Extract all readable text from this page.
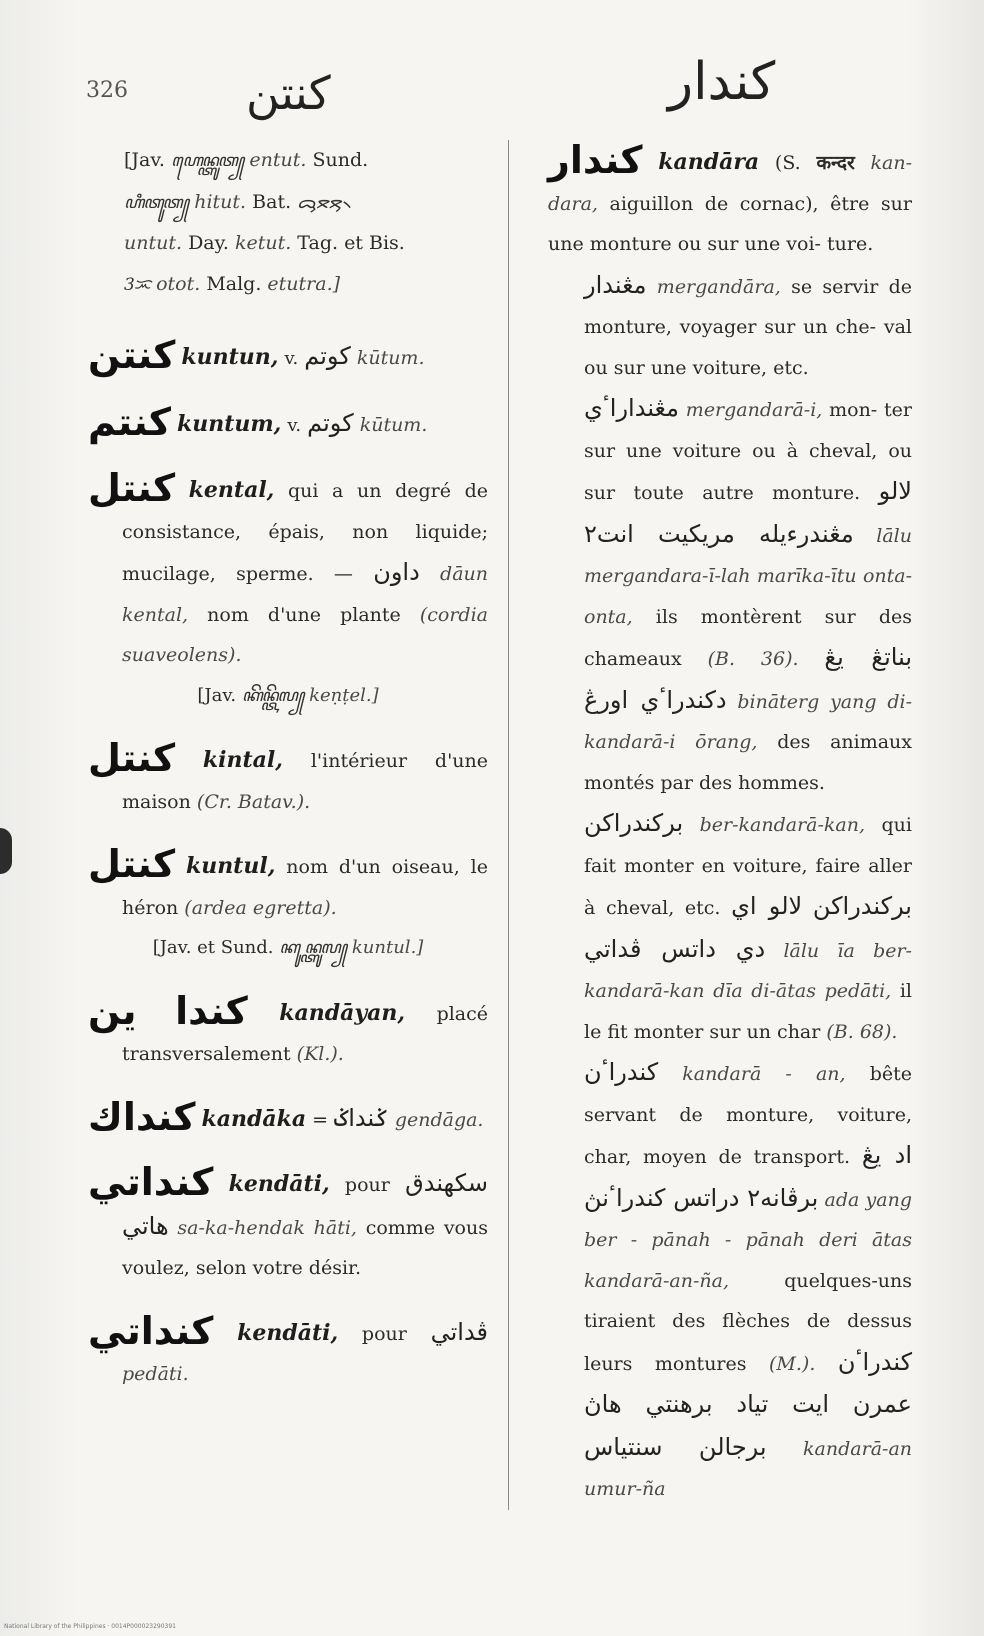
326	كنتن	كندار

[Jav. ꦲꦺꦤ꧀ꦠꦸꦠ꧀ entut. Sund.
ꦲꦶꦠꦸꦠ꧀ hitut. Bat. ᯅᯮᯖᯮᯖ᯲
untut. Day. ketut. Tag. et Bis.
3ᜁ otot. Malg. etutra.]

كنتن kuntun, v. كوتم kūtum.

كنتم kuntum, v. كوتم kūtum.

كنتل kental, qui a un degré de consistance, épais, non liquide; mucilage, sperme. — داون dāun kental, nom d'une plante (cordia suaveolens).

[Jav. ꦏꦼꦤ꧀ꦠꦼꦭ꧀ keṇṭel.]

كنتل kintal, l'intérieur d'une maison (Cr. Batav.).

كنتل kuntul, nom d'un oiseau, le héron (ardea egretta).

[Jav. et Sund. ꦏꦸꦤ꧀ꦠꦸꦭ꧀ kuntul.]

كندا ين kandāyan, placé transversalement (Kl.).

كنداك kandāka = ݢنداݢ gendāga.

كنداتي kendāti, pour سکهندق هاتي sa-ka-hendak hāti, comme vous voulez, selon votre désir.

كنداتي kendāti, pour ڤداتي pedāti.

كندار kandāra (S. कन्दर kan- dara, aiguillon de cornac), être sur une monture ou sur une voi- ture.

مڠندار mergandāra, se servir de monture, voyager sur un che- val ou sur une voiture, etc.

مڠنداراٴي mergandarā-i, mon- ter sur une voiture ou à cheval, ou sur toute autre monture. لالو مڠندرءيله مريکيت انت٢ lālu mergandara-ī-lah marīka-ītu onta-onta, ils montèrent sur des chameaux (B. 36). بناتڠ يڠ دکندراٴي اورڠ bināterg yang di- kandarā-i ōrang, des animaux montés par des hommes.

برکندراکن ber-kandarā-kan, qui fait monter en voiture, faire aller à cheval, etc. لالو اي برکندراکن دي داتس ڤداتي lālu īa ber-kandarā-kan dīa di-ātas pedāti, il le fit monter sur un char (B. 68).

کندراٴن kandarā - an, bête servant de monture, voiture, char, moyen de transport. اد يڠ برڤانه٢ دراتس کندراٴنڽ ada yang ber - pānah - pānah deri ātas kandarā-an-ña,	quelques-uns tiraient des flèches de dessus leurs montures (M.). کندراٴن عمرن ايت تياد برهنتي هاڽ سنتياس برجالن kandarā-an umur-ña

National Library of the Philippines · 0014P000023290391
